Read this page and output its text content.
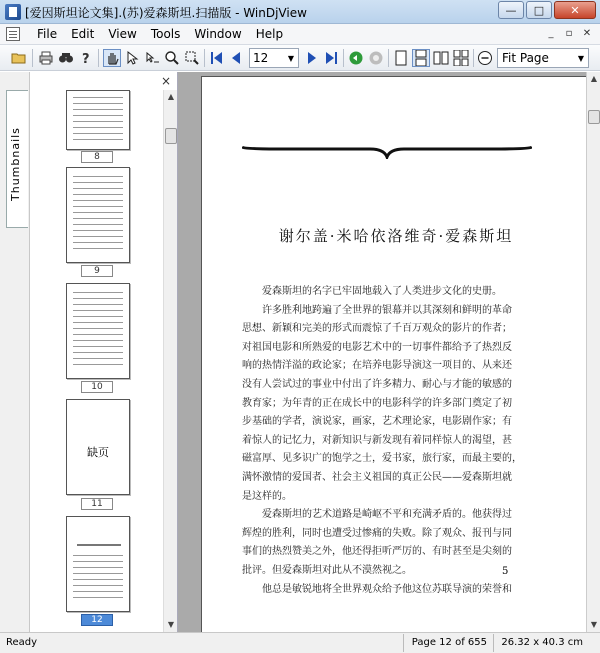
[爱因斯坦论文集].(苏)爱森斯坦.扫描版 - WinDjView	—	□	✕
File	Edit	View	Tools	Window	Help	_	▫	✕
?	12	▼	Fit Page	▼
Thumbnails
×
▲
▼
8
9
10
缺页
11
12
谢尔盖·米哈依洛维奇·爱森斯坦

爱森斯坦的名字已牢固地载入了人类进步文化的史册。

许多胜利地跨遍了全世界的银幕并以其深刻和鲜明的革命

思想、新颖和完美的形式而震惊了千百万观众的影片的作者；

对祖国电影和所熟爱的电影艺术中的一切事件都给予了热烈反

响的热情洋溢的政论家；在培养电影导演这一项目的、从来还

没有人尝试过的事业中付出了许多精力、耐心与才能的敏感的

教育家；为年青的正在成长中的电影科学的许多部门奠定了初

步基础的学者，演说家，画家，艺术理论家，电影剧作家；有

着惊人的记忆力，对新知识与新发现有着同样惊人的渴望，甚

磁富厚、见多识广的饱学之士，爱书家，旅行家，而最主要的，

满怀激情的爱国者、社会主义祖国的真正公民——爱森斯坦就

是这样的。

爱森斯坦的艺术道路是崎岖不平和充满矛盾的。他获得过

辉煌的胜利，同时也遭受过惨痛的失败。除了观众、报刊与同

事们的热烈赞美之外，他还得拒听严厉的、有时甚至是尖刻的

批评。但爱森斯坦对此从不漠然视之。

他总是敏锐地将全世界观众给予他这位苏联导演的荣誉和

5
▲
▼
Ready	Page 12 of 655	26.32 x 40.3 cm
